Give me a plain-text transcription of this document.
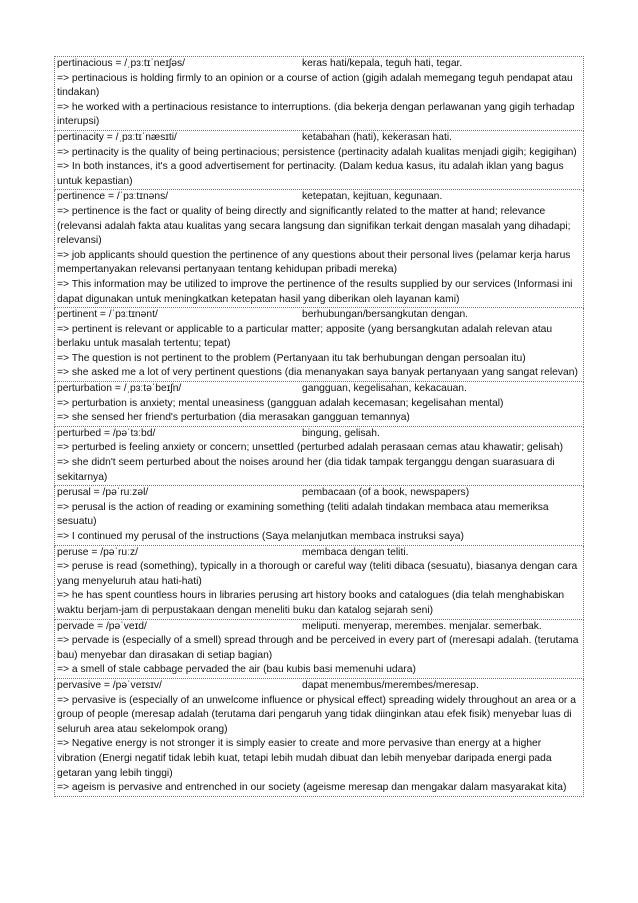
pertinacious = /ˌpɜːtɪˈneɪʃəs/	keras hati/kepala, teguh hati, tegar.
=> pertinacious is holding firmly to an opinion or a course of action (gigih adalah memegang teguh pendapat atau tindakan)
=> he worked with a pertinacious resistance to interruptions. (dia bekerja dengan perlawanan yang gigih terhadap interupsi)
pertinacity = /ˌpɜːtɪˈnæsɪti/	ketabahan (hati), kekerasan hati.
=> pertinacity is the quality of being pertinacious; persistence (pertinacity adalah kualitas menjadi gigih; kegigihan)
=> In both instances, it's a good advertisement for pertinacity. (Dalam kedua kasus, itu adalah iklan yang bagus untuk kepastian)
pertinence = /ˈpɜːtɪnəns/	ketepatan, kejituan, kegunaan.
=> pertinence is the fact or quality of being directly and significantly related to the matter at hand; relevance (relevansi adalah fakta atau kualitas yang secara langsung dan signifikan terkait dengan masalah yang dihadapi; relevansi)
=> job applicants should question the pertinence of any questions about their personal lives (pelamar kerja harus mempertanyakan relevansi pertanyaan tentang kehidupan pribadi mereka)
=> This information may be utilized to improve the pertinence of the results supplied by our services (Informasi ini dapat digunakan untuk meningkatkan ketepatan hasil yang diberikan oleh layanan kami)
pertinent = /ˈpɜːtɪnənt/	berhubungan/bersangkutan dengan.
=> pertinent is relevant or applicable to a particular matter; apposite (yang bersangkutan adalah relevan atau berlaku untuk masalah tertentu; tepat)
=> The question is not pertinent to the problem (Pertanyaan itu tak berhubungan dengan persoalan itu)
=> she asked me a lot of very pertinent questions (dia menanyakan saya banyak pertanyaan yang sangat relevan)
perturbation = /ˌpɜːtəˈbeɪʃn/	gangguan, kegelisahan, kekacauan.
=> perturbation is anxiety; mental uneasiness (gangguan adalah kecemasan; kegelisahan mental)
=> she sensed her friend's perturbation (dia merasakan gangguan temannya)
perturbed = /pəˈtɜːbd/	bingung, gelisah.
=> perturbed is feeling anxiety or concern; unsettled (perturbed adalah perasaan cemas atau khawatir; gelisah)
=> she didn't seem perturbed about the noises around her (dia tidak tampak terganggu dengan suarasuara di sekitarnya)
perusal = /pəˈruːzəl/	pembacaan (of a book, newspapers)
=> perusal is the action of reading or examining something (teliti adalah tindakan membaca atau memeriksa sesuatu)
=> I continued my perusal of the instructions (Saya melanjutkan membaca instruksi saya)
peruse = /pəˈruːz/	membaca dengan teliti.
=> peruse is read (something), typically in a thorough or careful way (teliti dibaca (sesuatu), biasanya dengan cara yang menyeluruh atau hati-hati)
=> he has spent countless hours in libraries perusing art history books and catalogues (dia telah menghabiskan waktu berjam-jam di perpustakaan dengan meneliti buku dan katalog sejarah seni)
pervade = /pəˈveɪd/	meliputi. menyerap, merembes. menjalar. semerbak.
=> pervade is (especially of a smell) spread through and be perceived in every part of (meresapi adalah. (terutama bau) menyebar dan dirasakan di setiap bagian)
=> a smell of stale cabbage pervaded the air (bau kubis basi memenuhi udara)
pervasive = /pəˈveɪsɪv/	dapat menembus/merembes/meresap.
=> pervasive is (especially of an unwelcome influence or physical effect) spreading widely throughout an area or a group of people (meresap adalah (terutama dari pengaruh yang tidak diinginkan atau efek fisik) menyebar luas di seluruh area atau sekelompok orang)
=> Negative energy is not stronger it is simply easier to create and more pervasive than energy at a higher vibration (Energi negatif tidak lebih kuat, tetapi lebih mudah dibuat dan lebih menyebar daripada energi pada getaran yang lebih tinggi)
=> ageism is pervasive and entrenched in our society (ageisme meresap dan mengakar dalam masyarakat kita)
